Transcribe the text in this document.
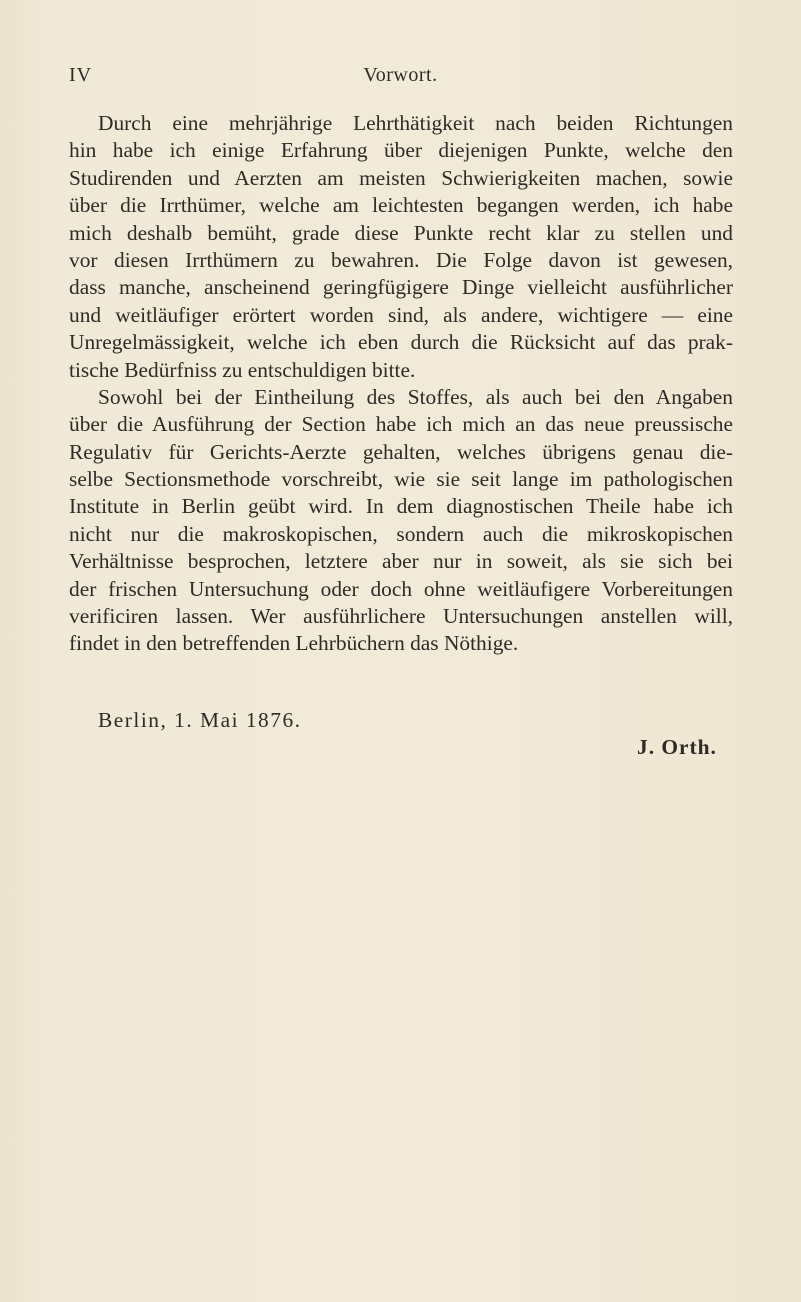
IV	Vorwort.
Durch eine mehrjährige Lehrthätigkeit nach beiden Richtungen
hin habe ich einige Erfahrung über diejenigen Punkte, welche den
Studirenden und Aerzten am meisten Schwierigkeiten machen, sowie
über die Irrthümer, welche am leichtesten begangen werden, ich habe
mich deshalb bemüht, grade diese Punkte recht klar zu stellen und
vor diesen Irrthümern zu bewahren. Die Folge davon ist gewesen,
dass manche, anscheinend geringfügigere Dinge vielleicht ausführlicher
und weitläufiger erörtert worden sind, als andere, wichtigere — eine
Unregelmässigkeit, welche ich eben durch die Rücksicht auf das prak-
tische Bedürfniss zu entschuldigen bitte.
Sowohl bei der Eintheilung des Stoffes, als auch bei den Angaben
über die Ausführung der Section habe ich mich an das neue preussische
Regulativ für Gerichts-Aerzte gehalten, welches übrigens genau die-
selbe Sectionsmethode vorschreibt, wie sie seit lange im pathologischen
Institute in Berlin geübt wird. In dem diagnostischen Theile habe ich
nicht nur die makroskopischen, sondern auch die mikroskopischen
Verhältnisse besprochen, letztere aber nur in soweit, als sie sich bei
der frischen Untersuchung oder doch ohne weitläufigere Vorbereitungen
verificiren lassen. Wer ausführlichere Untersuchungen anstellen will,
findet in den betreffenden Lehrbüchern das Nöthige.
Berlin, 1. Mai 1876.
J. Orth.
